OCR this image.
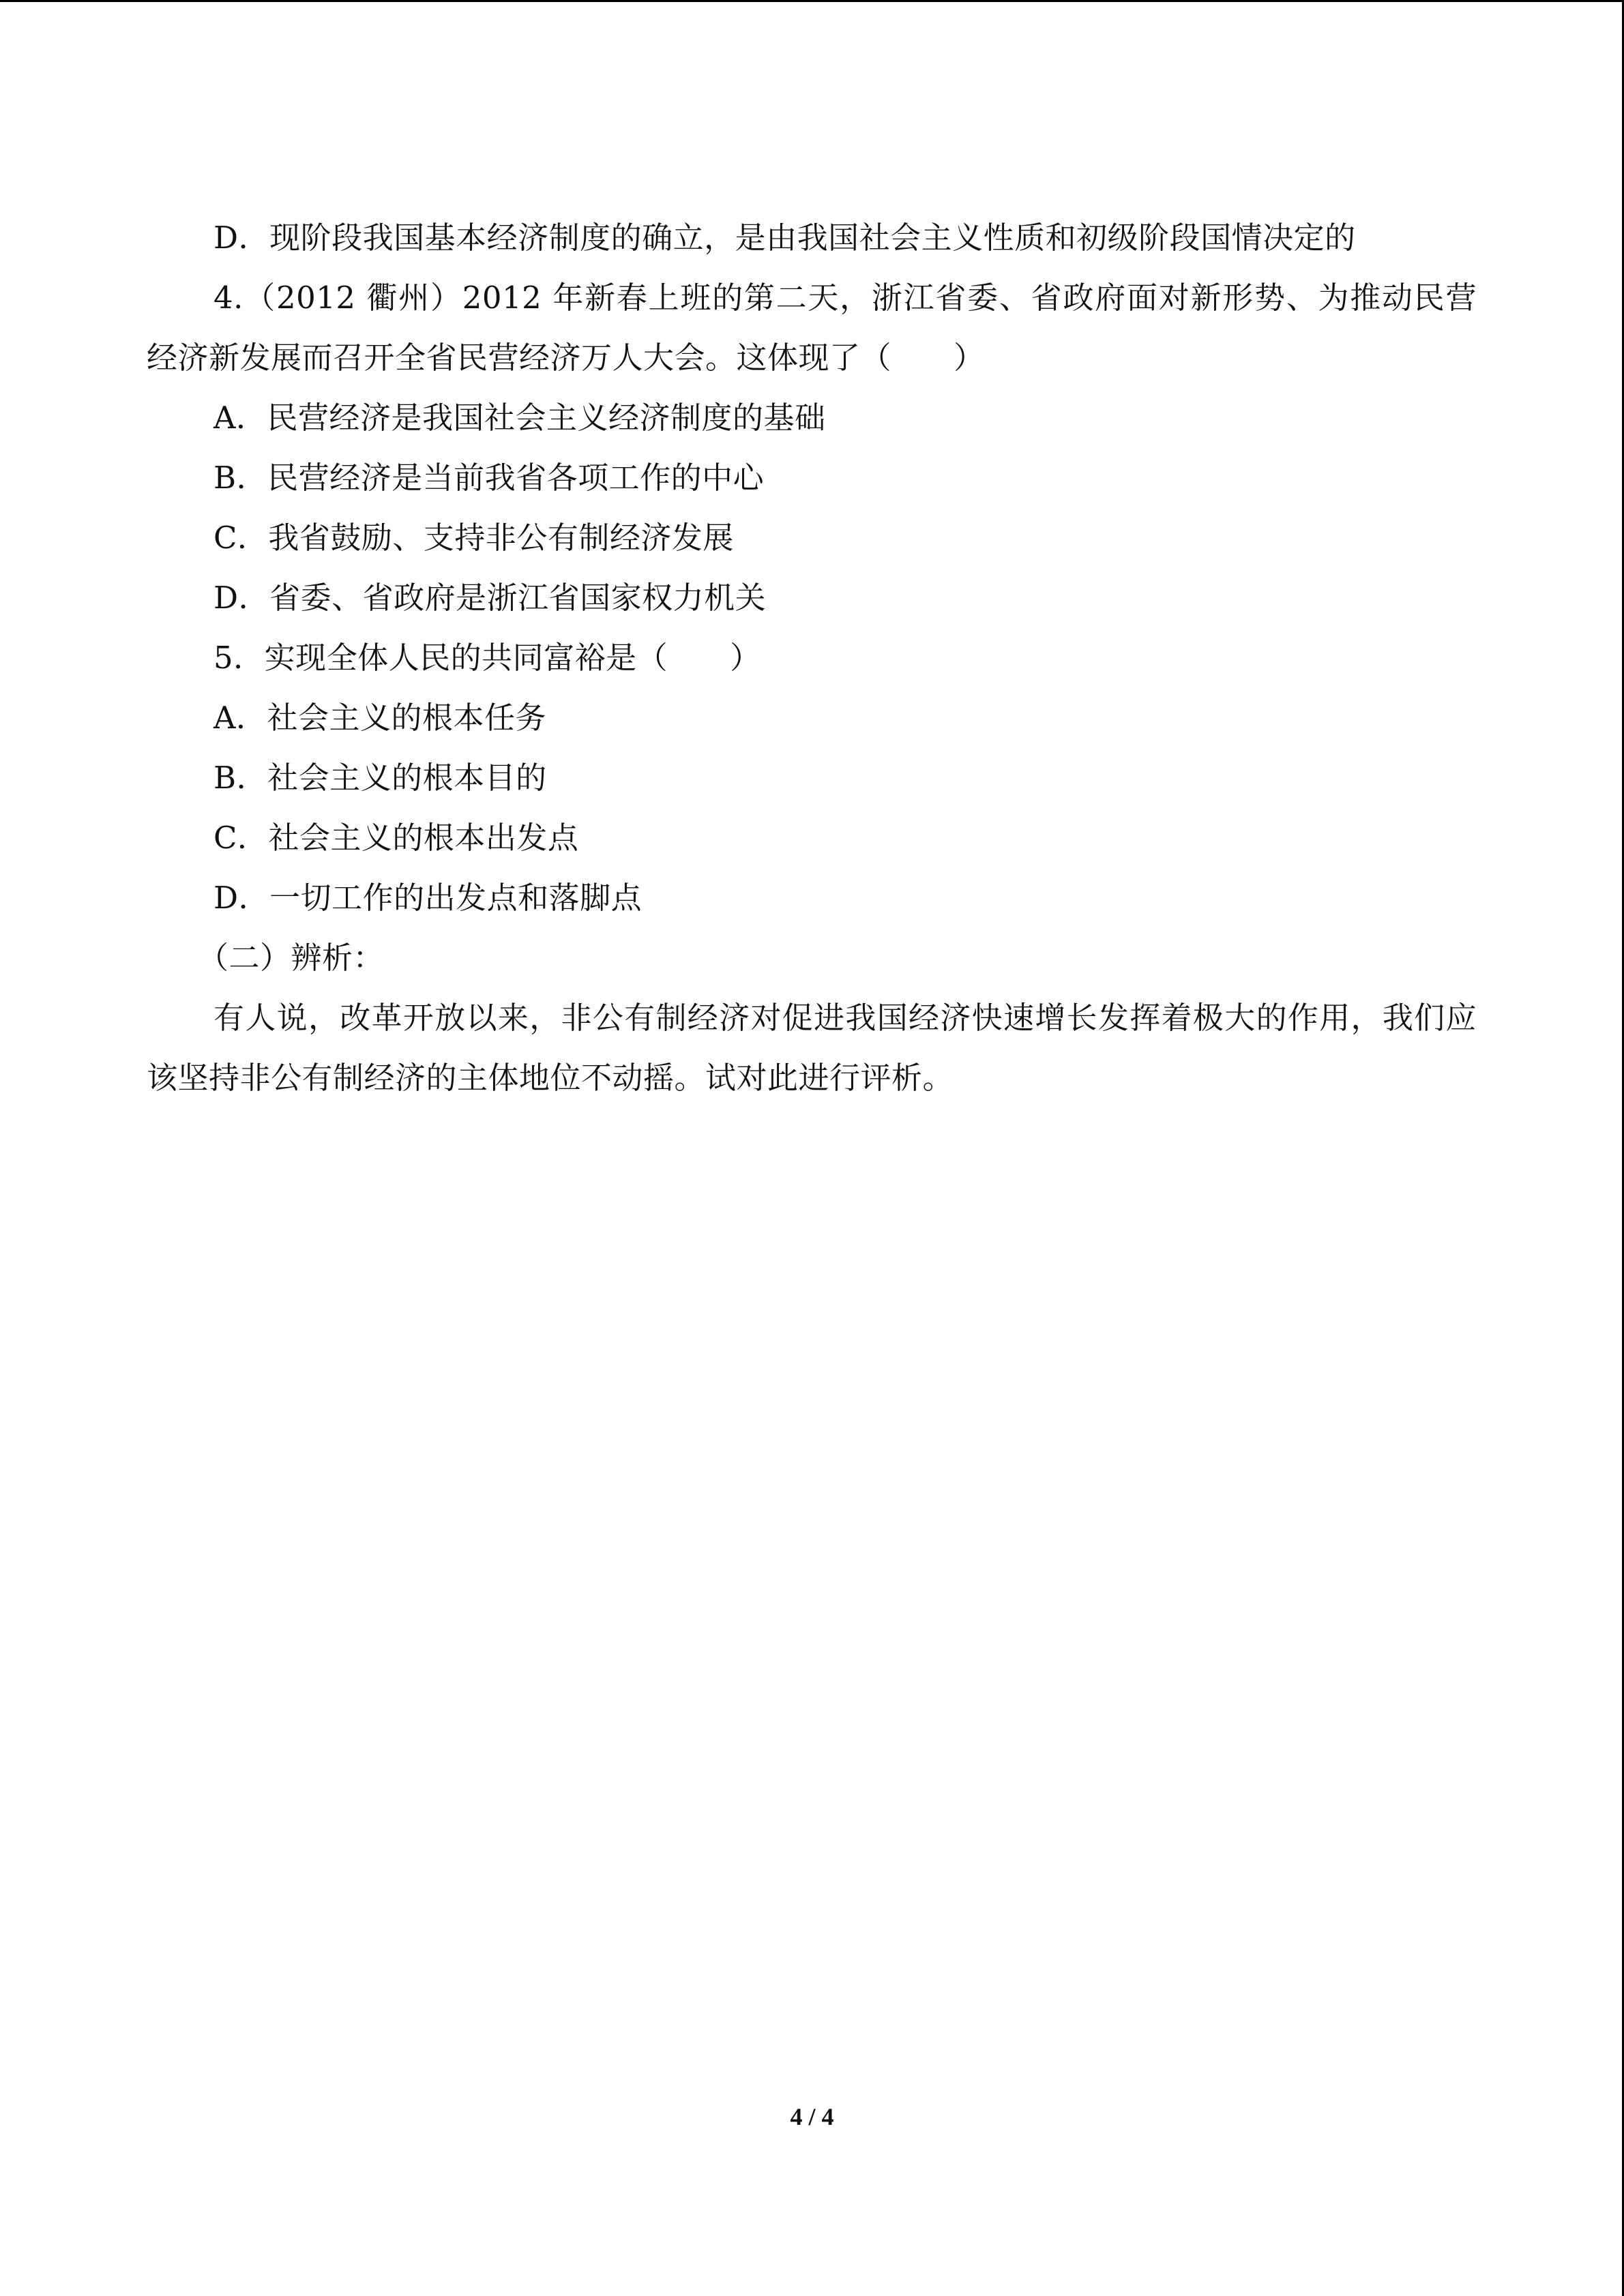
D．现阶段我国基本经济制度的确立，是由我国社会主义性质和初级阶段国情决定的
4.（2012 衢州）2012 年新春上班的第二天，浙江省委、省政府面对新形势、为推动民营经济新发展而召开全省民营经济万人大会。这体现了（　　）
A．民营经济是我国社会主义经济制度的基础
B．民营经济是当前我省各项工作的中心
C．我省鼓励、支持非公有制经济发展
D．省委、省政府是浙江省国家权力机关
5．实现全体人民的共同富裕是（　　）
A．社会主义的根本任务
B．社会主义的根本目的
C．社会主义的根本出发点
D．一切工作的出发点和落脚点
（二）辨析：
有人说，改革开放以来，非公有制经济对促进我国经济快速增长发挥着极大的作用，我们应该坚持非公有制经济的主体地位不动摇。试对此进行评析。
4 / 4
